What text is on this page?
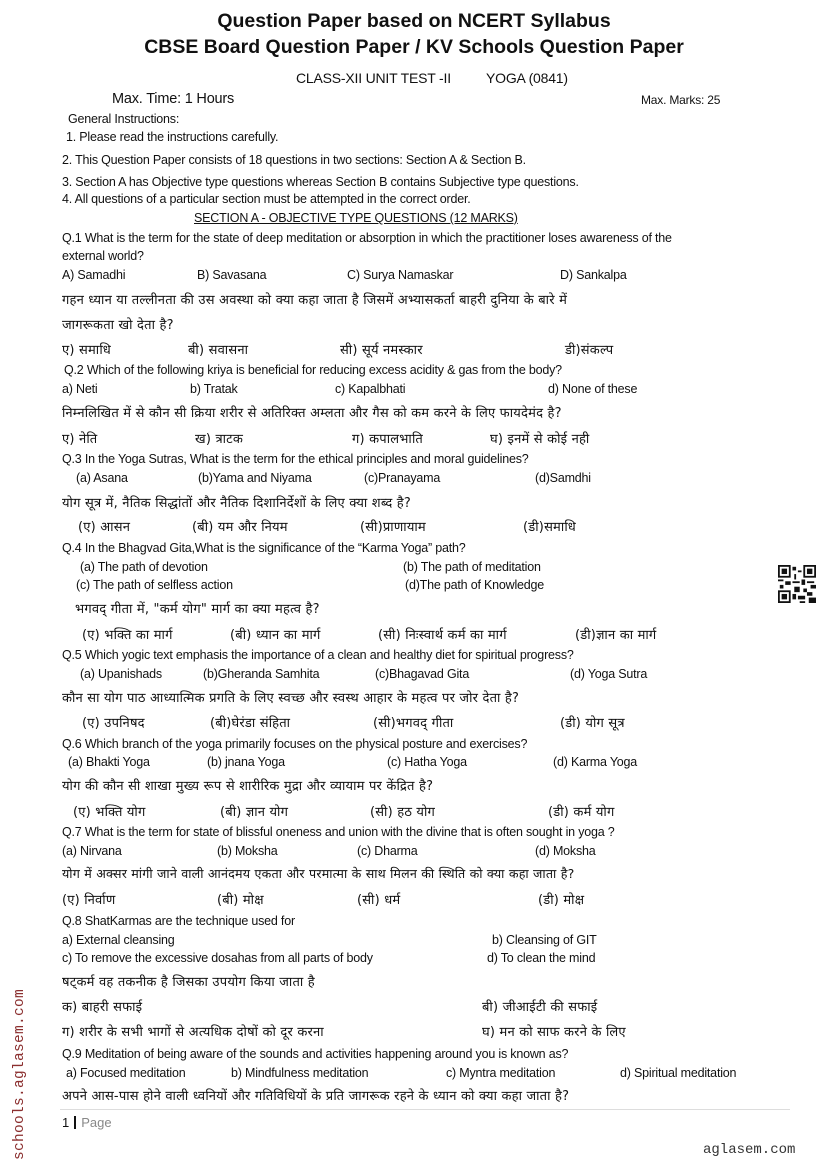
Question Paper based on NCERT Syllabus
CBSE Board Question Paper / KV Schools Question Paper
CLASS-XII UNIT TEST -II	YOGA (0841)
Max. Time: 1 Hours	Max. Marks: 25
General Instructions:
1. Please read the instructions carefully.
2. This Question Paper consists of 18 questions in two sections: Section A & Section B.
3. Section A has Objective type questions whereas Section B contains Subjective type questions.
4. All questions of a particular section must be attempted in the correct order.
SECTION A - OBJECTIVE TYPE QUESTIONS (12 MARKS)
Q.1 What is the term for the state of deep meditation or absorption in which the practitioner loses awareness of the
external world?
A) Samadhi	B) Savasana	C) Surya Namaskar	D) Sankalpa
गहन ध्यान या तल्लीनता की उस अवस्था को क्या कहा जाता है जिसमें अभ्यासकर्ता बाहरी दुनिया के बारे में
जागरूकता खो देता है?
ए) समाधि	बी) सवासना	सी) सूर्य नमस्कार	डी)संकल्प
Q.2 Which of the following kriya is beneficial for reducing excess acidity & gas from the body?
a) Neti	b) Tratak	c) Kapalbhati	d) None of these
निम्नलिखित में से कौन सी क्रिया शरीर से अतिरिक्त अम्लता और गैस को कम करने के लिए फायदेमंद है?
ए) नेति	ख) त्राटक	ग) कपालभाति	घ) इनमें से कोई नही
Q.3 In the Yoga Sutras, What is the term for the ethical principles and moral guidelines?
(a) Asana	(b)Yama and Niyama	(c)Pranayama	(d)Samdhi
योग सूत्र में, नैतिक सिद्धांतों और नैतिक दिशानिर्देशों के लिए क्या शब्द है?
(ए) आसन	(बी) यम और नियम	(सी)प्राणायाम	(डी)समाधि
Q.4 In the Bhagvad Gita,What is the significance of the “Karma Yoga” path?
(a) The path of devotion	(b) The path of meditation
(c) The path of selfless action	(d)The path of Knowledge
भगवद् गीता में, "कर्म योग" मार्ग का क्या महत्व है?
(ए) भक्ति का मार्ग	(बी) ध्यान का मार्ग	(सी) निःस्वार्थ कर्म का मार्ग	(डी)ज्ञान का मार्ग
Q.5 Which yogic text emphasis the importance of a clean and healthy diet for spiritual progress?
(a) Upanishads	(b)Gheranda Samhita	(c)Bhagavad Gita	(d) Yoga Sutra
कौन सा योग पाठ आध्यात्मिक प्रगति के लिए स्वच्छ और स्वस्थ आहार के महत्व पर जोर देता है?
(ए) उपनिषद	(बी)घेरंडा संहिता	(सी)भगवद् गीता	(डी) योग सूत्र
Q.6 Which branch of the yoga primarily focuses on the physical posture and exercises?
(a) Bhakti Yoga	(b) jnana Yoga	(c) Hatha Yoga	(d) Karma Yoga
योग की कौन सी शाखा मुख्य रूप से शारीरिक मुद्रा और व्यायाम पर केंद्रित है?
(ए) भक्ति योग	(बी) ज्ञान योग	(सी) हठ योग	(डी) कर्म योग
Q.7 What is the term for state of blissful oneness and union with the divine that is often sought in yoga ?
(a) Nirvana	(b) Moksha	(c) Dharma	(d) Moksha
योग में अक्सर मांगी जाने वाली आनंदमय एकता और परमात्मा के साथ मिलन की स्थिति को क्या कहा जाता है?
(ए) निर्वाण	(बी) मोक्ष	(सी) धर्म	(डी) मोक्ष
Q.8 ShatKarmas are the technique used for
a) External cleansing	b) Cleansing of GIT
c) To remove the excessive dosahas from all parts of body	d) To clean the mind
षट्कर्म वह तकनीक है जिसका उपयोग किया जाता है
क) बाहरी सफाई	बी) जीआईटी की सफाई
ग) शरीर के सभी भागों से अत्यधिक दोषों को दूर करना	घ) मन को साफ करने के लिए
Q.9 Meditation of being aware of the sounds and activities happening around you is known as?
a) Focused meditation	b) Mindfulness meditation	c) Myntra meditation	d) Spiritual meditation
अपने आस-पास होने वाली ध्वनियों और गतिविधियों के प्रति जागरूक रहने के ध्यान को क्या कहा जाता है?
1 Page
schools.aglasem.com	aglasem.com
